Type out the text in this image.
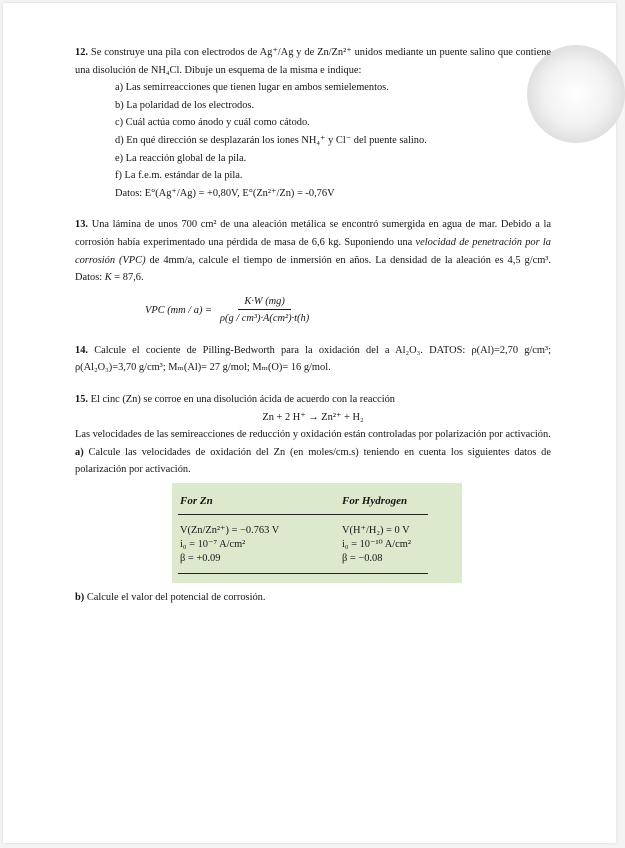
12. Se construye una pila con electrodos de Ag⁺/Ag y de Zn/Zn²⁺ unidos mediante un puente salino que contiene una disolución de NH₄Cl. Dibuje un esquema de la misma e indique:

a) Las semirreacciones que tienen lugar en ambos semielementos.

b) La polaridad de los electrodos.

c) Cuál actúa como ánodo y cuál como cátodo.

d) En qué dirección se desplazarán los iones NH₄⁺ y Cl⁻ del puente salino.

e) La reacción global de la pila.

f) La f.e.m. estándar de la pila.

Datos: E°(Ag⁺/Ag) = +0,80V, E°(Zn²⁺/Zn) = -0,76V

13. Una lámina de unos 700 cm² de una aleación metálica se encontró sumergida en agua de mar. Debido a la corrosión había experimentado una pérdida de masa de 6,6 kg. Suponiendo una velocidad de penetración por la corrosión (VPC) de 4mm/a, calcule el tiempo de inmersión en años. La densidad de la aleación es 4,5 g/cm³. Datos: K = 87,6.

VPC $(mm / a) = \frac{K\cdot W (mg)}{\text{ρ(g / cm³)·A(cm²)·t(h)}}$

14. Calcule el cociente de Pilling-Bedworth para la oxidación del a Al₂O₃. DATOS: ρ(Al)=2,70 g/cm³; ρ(Al₂O₃)=3,70 g/cm³; Mₘ(Al)= 27 g/mol; Mₘ(O)= 16 g/mol.

15. El cinc (Zn) se corroe en una disolución ácida de acuerdo con la reacción

Zn + 2 H⁺ → Zn²⁺ + H₂

Las velocidades de las semireacciones de reducción y oxidación están controladas por polarización por activación.

a) Calcule las velocidades de oxidación del Zn (en moles/cm.s) teniendo en cuenta los siguientes datos de polarización por activación.

For Zn	For Hydrogen
V(Zn/Zn²⁺) = −0.763 V
i₀ = 10⁻⁷ A/cm²
β = +0.09
V(H⁺/H₂) = 0 V
i₀ = 10⁻¹⁰ A/cm²
β = −0.08

b) Calcule el valor del potencial de corrosión.
